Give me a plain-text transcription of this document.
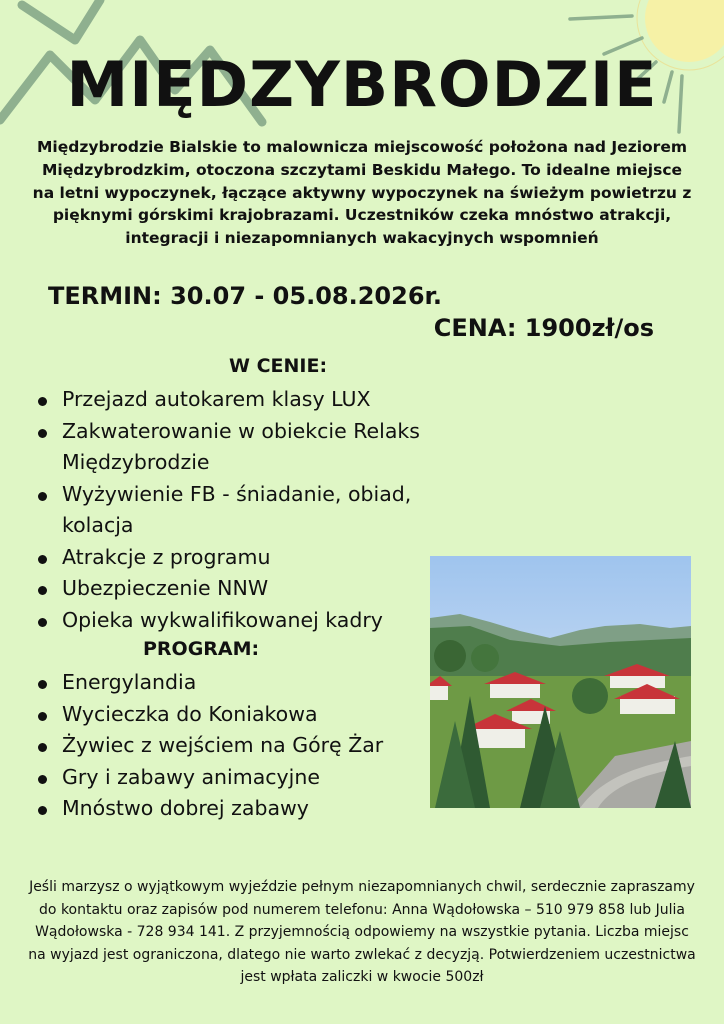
MIĘDZYBRODZIE
Międzybrodzie Bialskie to malownicza miejscowość położona nad Jeziorem Międzybrodzkim, otoczona szczytami Beskidu Małego. To idealne miejsce na letni wypoczynek, łączące aktywny wypoczynek na świeżym powietrzu z pięknymi górskimi krajobrazami. Uczestników czeka mnóstwo atrakcji, integracji i niezapomnianych wakacyjnych wspomnień
TERMIN: 30.07 - 05.08.2026r.
CENA: 1900zł/os
W CENIE:
Przejazd autokarem klasy LUX
Zakwaterowanie w obiekcie Relaks Międzybrodzie
Wyżywienie FB - śniadanie, obiad, kolacja
Atrakcje z programu
Ubezpieczenie NNW
Opieka wykwalifikowanej kadry
PROGRAM:
Energylandia
Wycieczka do Koniakowa
Żywiec z wejściem na Górę Żar
Gry i zabawy animacyjne
Mnóstwo dobrej zabawy
Jeśli marzysz o wyjątkowym wyjeździe pełnym niezapomnianych chwil, serdecznie zapraszamy do kontaktu oraz zapisów pod numerem telefonu: Anna Wądołowska – 510 979 858 lub Julia Wądołowska - 728 934 141. Z przyjemnością odpowiemy na wszystkie pytania. Liczba miejsc na wyjazd jest ograniczona, dlatego nie warto zwlekać z decyzją. Potwierdzeniem uczestnictwa jest wpłata zaliczki w kwocie 500zł
